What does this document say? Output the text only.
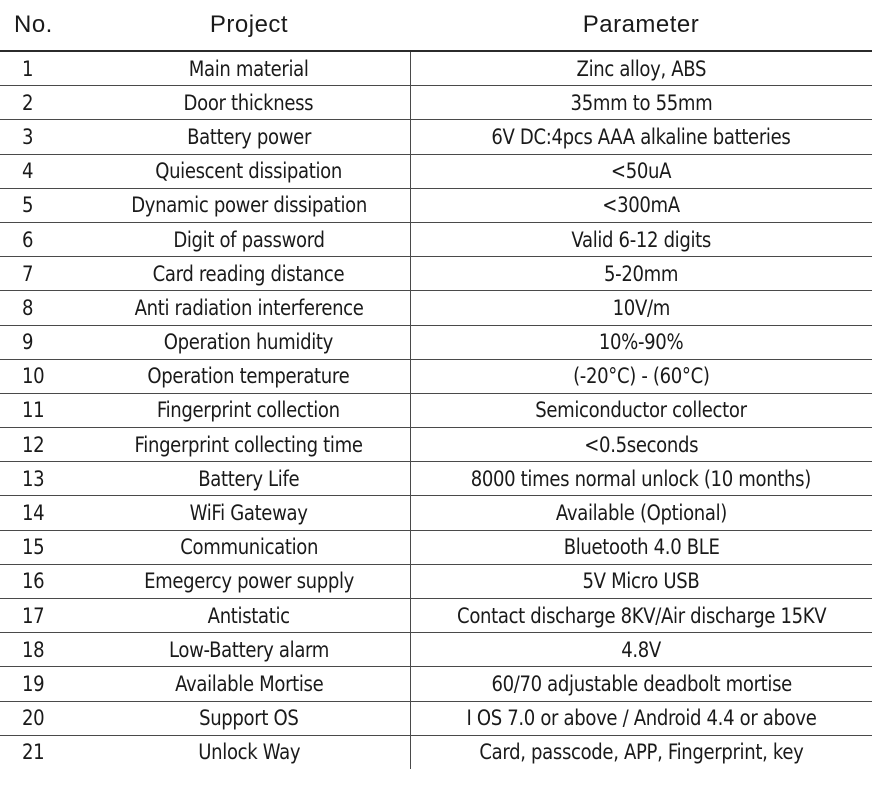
No.	Project	Parameter
1	Main material	Zinc alloy, ABS
2	Door thickness	35mm to 55mm
3	Battery power	6V DC:4pcs AAA alkaline batteries
4	Quiescent dissipation	<50uA
5	Dynamic power dissipation	<300mA
6	Digit of password	Valid 6-12 digits
7	Card reading distance	5-20mm
8	Anti radiation interference	10V/m
9	Operation humidity	10%-90%
10	Operation temperature	(-20°C) - (60°C)
11	Fingerprint collection	Semiconductor collector
12	Fingerprint collecting time	<0.5seconds
13	Battery Life	8000 times normal unlock (10 months)
14	WiFi Gateway	Available (Optional)
15	Communication	Bluetooth 4.0 BLE
16	Emegercy power supply	5V Micro USB
17	Antistatic	Contact discharge 8KV/Air discharge 15KV
18	Low-Battery alarm	4.8V
19	Available Mortise	60/70 adjustable deadbolt mortise
20	Support OS	I OS 7.0 or above / Android 4.4 or above
21	Unlock Way	Card, passcode, APP, Fingerprint, key
